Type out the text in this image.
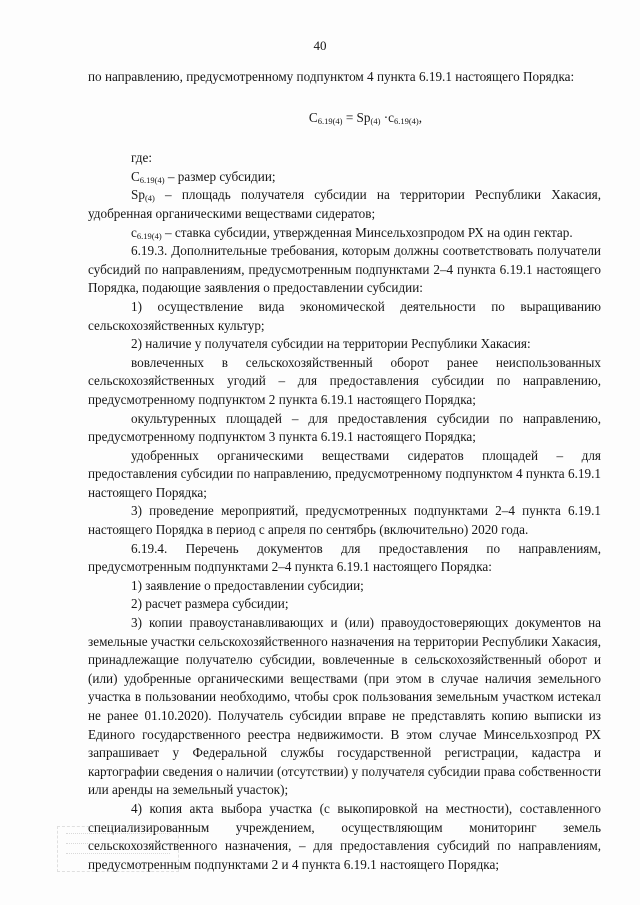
40

по направлению, предусмотренному подпунктом 4 пункта 6.19.1 настоящего Порядка:

$С_{6.19(4)} = Sp_{(4)} \cdot с_{6.19(4)}$,

где:

$С_{6.19(4)}$ – размер субсидии;

$Sp_{(4)}$ – площадь получателя субсидии на территории Республики Хакасия, удобренная органическими веществами сидератов;

$с_{6.19(4)}$ – ставка субсидии, утвержденная Минсельхозпродом РХ на один гектар.

6.19.3. Дополнительные требования, которым должны соответствовать получатели субсидий по направлениям, предусмотренным подпунктами 2–4 пункта 6.19.1 настоящего Порядка, подающие заявления о предоставлении субсидии:

1) осуществление вида экономической деятельности по выращиванию сельскохозяйственных культур;

2) наличие у получателя субсидии на территории Республики Хакасия:

вовлеченных в сельскохозяйственный оборот ранее неиспользованных сельскохозяйственных угодий – для предоставления субсидии по направлению, предусмотренному подпунктом 2 пункта 6.19.1 настоящего Порядка;

окультуренных площадей – для предоставления субсидии по направлению, предусмотренному подпунктом 3 пункта 6.19.1 настоящего Порядка;

удобренных органическими веществами сидератов площадей – для предоставления субсидии по направлению, предусмотренному подпунктом 4 пункта 6.19.1 настоящего Порядка;

3) проведение мероприятий, предусмотренных подпунктами 2–4 пункта 6.19.1 настоящего Порядка в период с апреля по сентябрь (включительно) 2020 года.

6.19.4. Перечень документов для предоставления по направлениям, предусмотренным подпунктами 2–4 пункта 6.19.1 настоящего Порядка:

1) заявление о предоставлении субсидии;

2) расчет размера субсидии;

3) копии правоустанавливающих и (или) правоудостоверяющих документов на земельные участки сельскохозяйственного назначения на территории Республики Хакасия, принадлежащие получателю субсидии, вовлеченные в сельскохозяйственный оборот и (или) удобренные органическими веществами (при этом в случае наличия земельного участка в пользовании необходимо, чтобы срок пользования земельным участком истекал не ранее 01.10.2020). Получатель субсидии вправе не представлять копию выписки из Единого государственного реестра недвижимости. В этом случае Минсельхозпрод РХ запрашивает у Федеральной службы государственной регистрации, кадастра и картографии сведения о наличии (отсутствии) у получателя субсидии права собственности или аренды на земельный участок);

4) копия акта выбора участка (с выкопировкой на местности), составленного специализированным учреждением, осуществляющим мониторинг земель сельскохозяйственного назначения, – для предоставления субсидий по направлениям, предусмотренным подпунктами 2 и 4 пункта 6.19.1 настоящего Порядка;
